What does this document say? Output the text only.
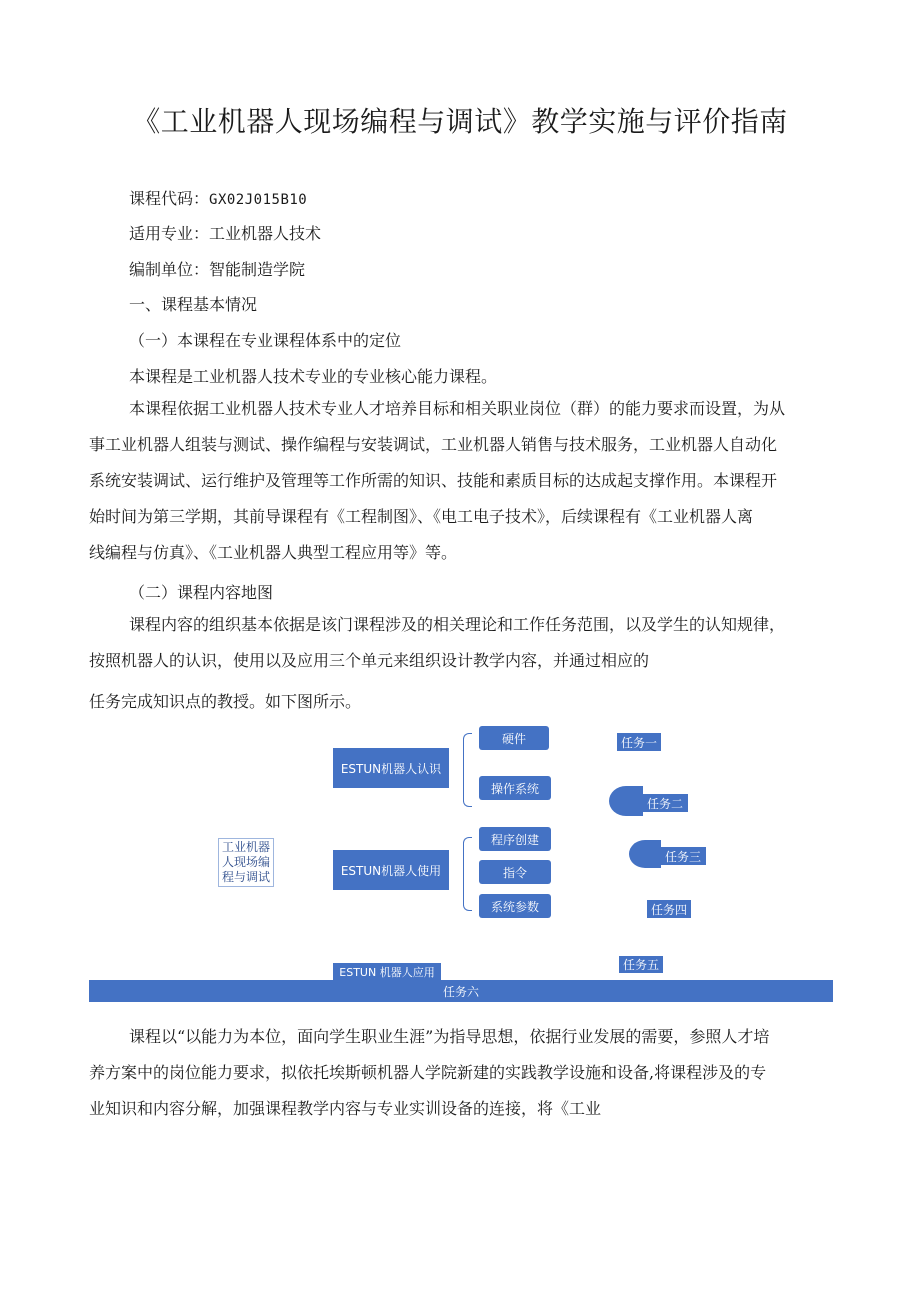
《工业机器人现场编程与调试》教学实施与评价指南
课程代码：GX02J015B10
适用专业：工业机器人技术
编制单位：智能制造学院
一、课程基本情况
（一）本课程在专业课程体系中的定位
本课程是工业机器人技术专业的专业核心能力课程。
本课程依据工业机器人技术专业人才培养目标和相关职业岗位（群）的能力要求而设置，为从
事工业机器人组装与测试、操作编程与安装调试，工业机器人销售与技术服务，工业机器人自动化
系统安装调试、运行维护及管理等工作所需的知识、技能和素质目标的达成起支撑作用。本课程开
始时间为第三学期，其前导课程有《工程制图》、《电工电子技术》，后续课程有《工业机器人离
线编程与仿真》、《工业机器人典型工程应用等》等。
（二）课程内容地图
课程内容的组织基本依据是该门课程涉及的相关理论和工作任务范围，以及学生的认知规律，
按照机器人的认识，使用以及应用三个单元来组织设计教学内容，并通过相应的
任务完成知识点的教授。如下图所示。
工业机器人现场编程与调试
ESTUN机器人认识
ESTUN机器人使用
ESTUN 机器人应用
硬件
操作系统
程序创建
指令
系统参数
任务一
任务二
任务三
任务四
任务五
任务六
课程以“以能力为本位，面向学生职业生涯”为指导思想，依据行业发展的需要，参照人才培
养方案中的岗位能力要求，拟依托埃斯顿机器人学院新建的实践教学设施和设备,将课程涉及的专
业知识和内容分解，加强课程教学内容与专业实训设备的连接，将《工业
